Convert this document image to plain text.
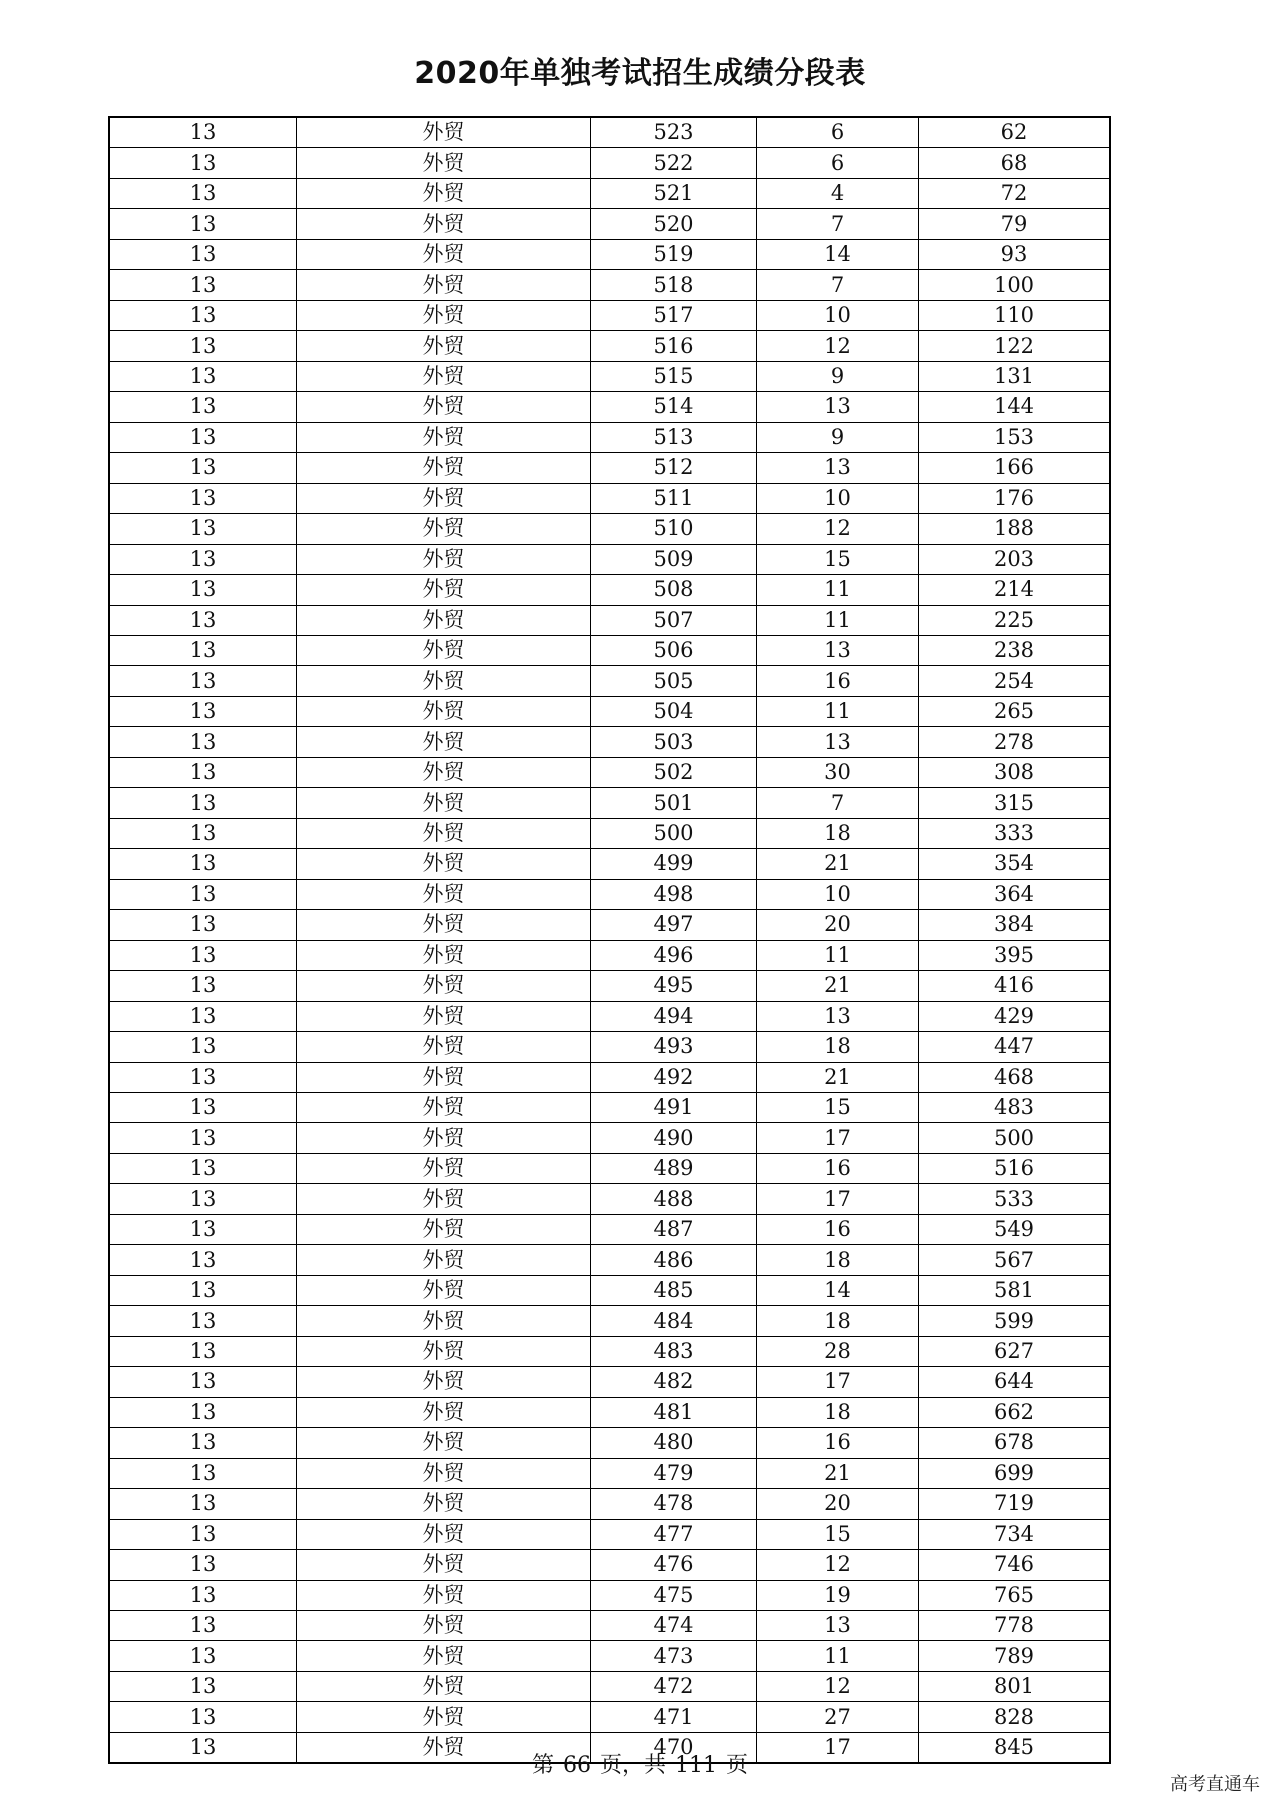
2020年单独考试招生成绩分段表
13	外贸	523	6	62
13	外贸	522	6	68
13	外贸	521	4	72
13	外贸	520	7	79
13	外贸	519	14	93
13	外贸	518	7	100
13	外贸	517	10	110
13	外贸	516	12	122
13	外贸	515	9	131
13	外贸	514	13	144
13	外贸	513	9	153
13	外贸	512	13	166
13	外贸	511	10	176
13	外贸	510	12	188
13	外贸	509	15	203
13	外贸	508	11	214
13	外贸	507	11	225
13	外贸	506	13	238
13	外贸	505	16	254
13	外贸	504	11	265
13	外贸	503	13	278
13	外贸	502	30	308
13	外贸	501	7	315
13	外贸	500	18	333
13	外贸	499	21	354
13	外贸	498	10	364
13	外贸	497	20	384
13	外贸	496	11	395
13	外贸	495	21	416
13	外贸	494	13	429
13	外贸	493	18	447
13	外贸	492	21	468
13	外贸	491	15	483
13	外贸	490	17	500
13	外贸	489	16	516
13	外贸	488	17	533
13	外贸	487	16	549
13	外贸	486	18	567
13	外贸	485	14	581
13	外贸	484	18	599
13	外贸	483	28	627
13	外贸	482	17	644
13	外贸	481	18	662
13	外贸	480	16	678
13	外贸	479	21	699
13	外贸	478	20	719
13	外贸	477	15	734
13	外贸	476	12	746
13	外贸	475	19	765
13	外贸	474	13	778
13	外贸	473	11	789
13	外贸	472	12	801
13	外贸	471	27	828
13	外贸	470	17	845
第 66 页，共 111 页
高考直通车
